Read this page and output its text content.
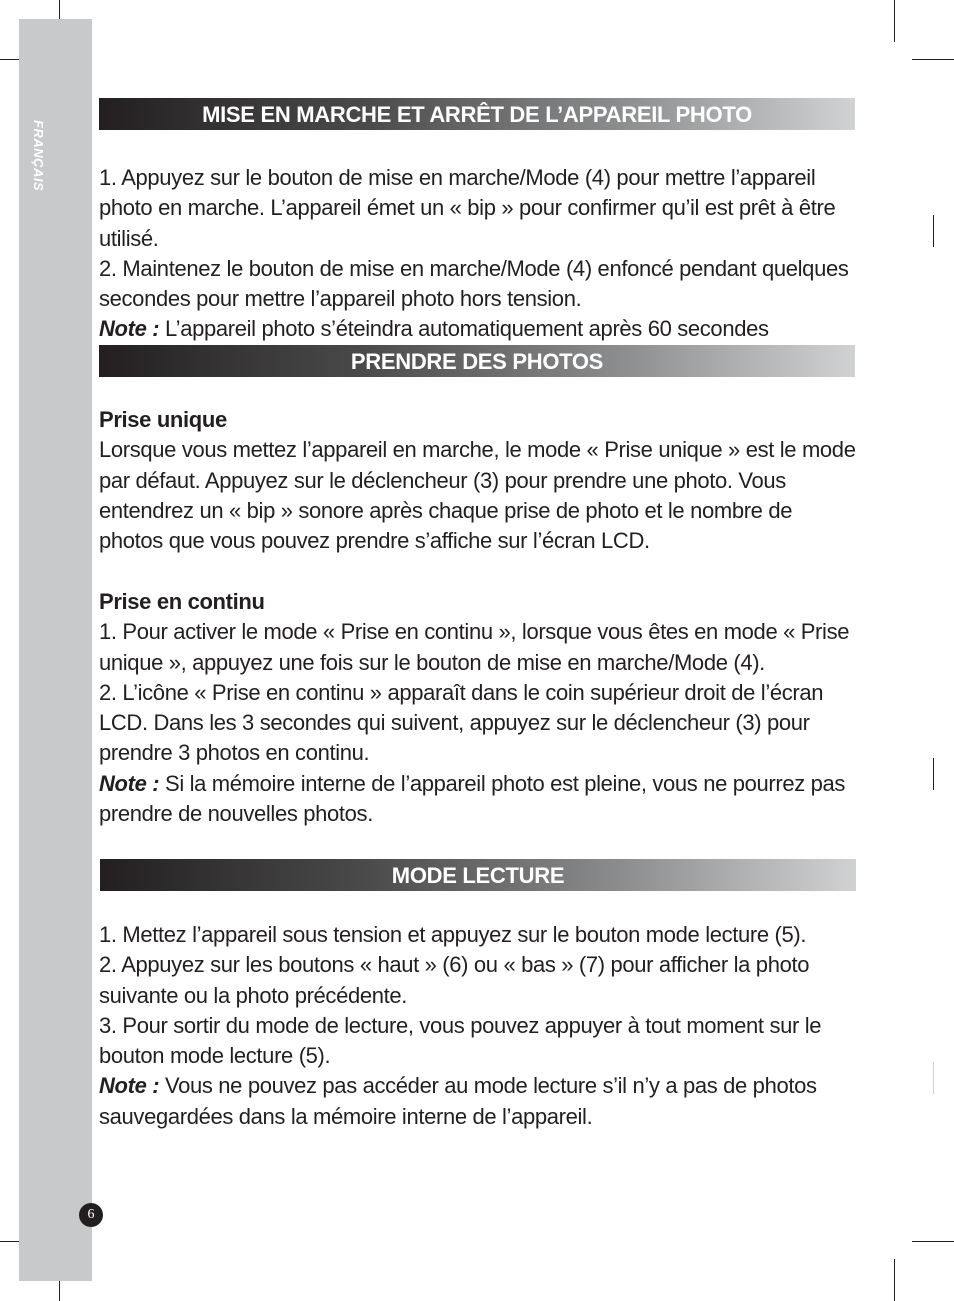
FRANÇAIS
MISE EN MARCHE ET ARRÊT DE L’APPAREIL PHOTO

1. Appuyez sur le bouton de mise en marche/Mode (4) pour mettre l’appareil photo en marche. L’appareil émet un « bip » pour confirmer qu’il est prêt à être utilisé.

2. Maintenez le bouton de mise en marche/Mode (4) enfoncé pendant quelques secondes pour mettre l’appareil photo hors tension.

Note : L’appareil photo s’éteindra automatiquement après 60 secondes

PRENDRE DES PHOTOS

Prise unique

Lorsque vous mettez l’appareil en marche, le mode « Prise unique » est le mode par défaut. Appuyez sur le déclencheur (3) pour prendre une photo. Vous entendrez un « bip » sonore après chaque prise de photo et le nombre de photos que vous pouvez prendre s’affiche sur l’écran LCD.

Prise en continu

1. Pour activer le mode « Prise en continu », lorsque vous êtes en mode « Prise unique », appuyez une fois sur le bouton de mise en marche/Mode (4).

2. L’icône « Prise en continu » apparaît dans le coin supérieur droit de l’écran LCD. Dans les 3 secondes qui suivent, appuyez sur le déclencheur (3) pour prendre 3 photos en continu.

Note : Si la mémoire interne de l’appareil photo est pleine, vous ne pourrez pas prendre de nouvelles photos.

MODE LECTURE

1. Mettez l’appareil sous tension et appuyez sur le bouton mode lecture (5).

2. Appuyez sur les boutons « haut » (6) ou « bas » (7) pour afficher la photo suivante ou la photo précédente.

3. Pour sortir du mode de lecture, vous pouvez appuyer à tout moment sur le bouton mode lecture (5).

Note : Vous ne pouvez pas accéder au mode lecture s’il n’y a pas de photos sauvegardées dans la mémoire interne de l’appareil.

6
